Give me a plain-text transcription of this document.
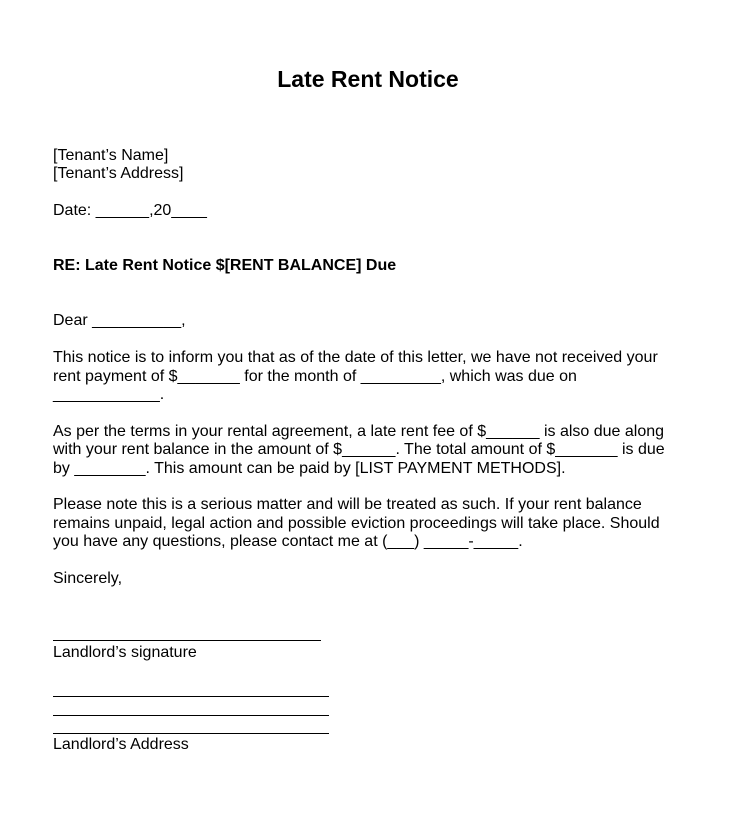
Late Rent Notice
[Tenant’s Name]
[Tenant’s Address]
Date: ______,20____
RE: Late Rent Notice $[RENT BALANCE] Due
Dear __________,
This notice is to inform you that as of the date of this letter, we have not received your
rent payment of $_______ for the month of _________, which was due on
____________.
As per the terms in your rental agreement, a late rent fee of $______ is also due along
with your rent balance in the amount of $______. The total amount of $_______ is due
by ________. This amount can be paid by [LIST PAYMENT METHODS].
Please note this is a serious matter and will be treated as such. If your rent balance
remains unpaid, legal action and possible eviction proceedings will take place. Should
you have any questions, please contact me at (___) _____-_____.
Sincerely,
Landlord’s signature
Landlord’s Address
